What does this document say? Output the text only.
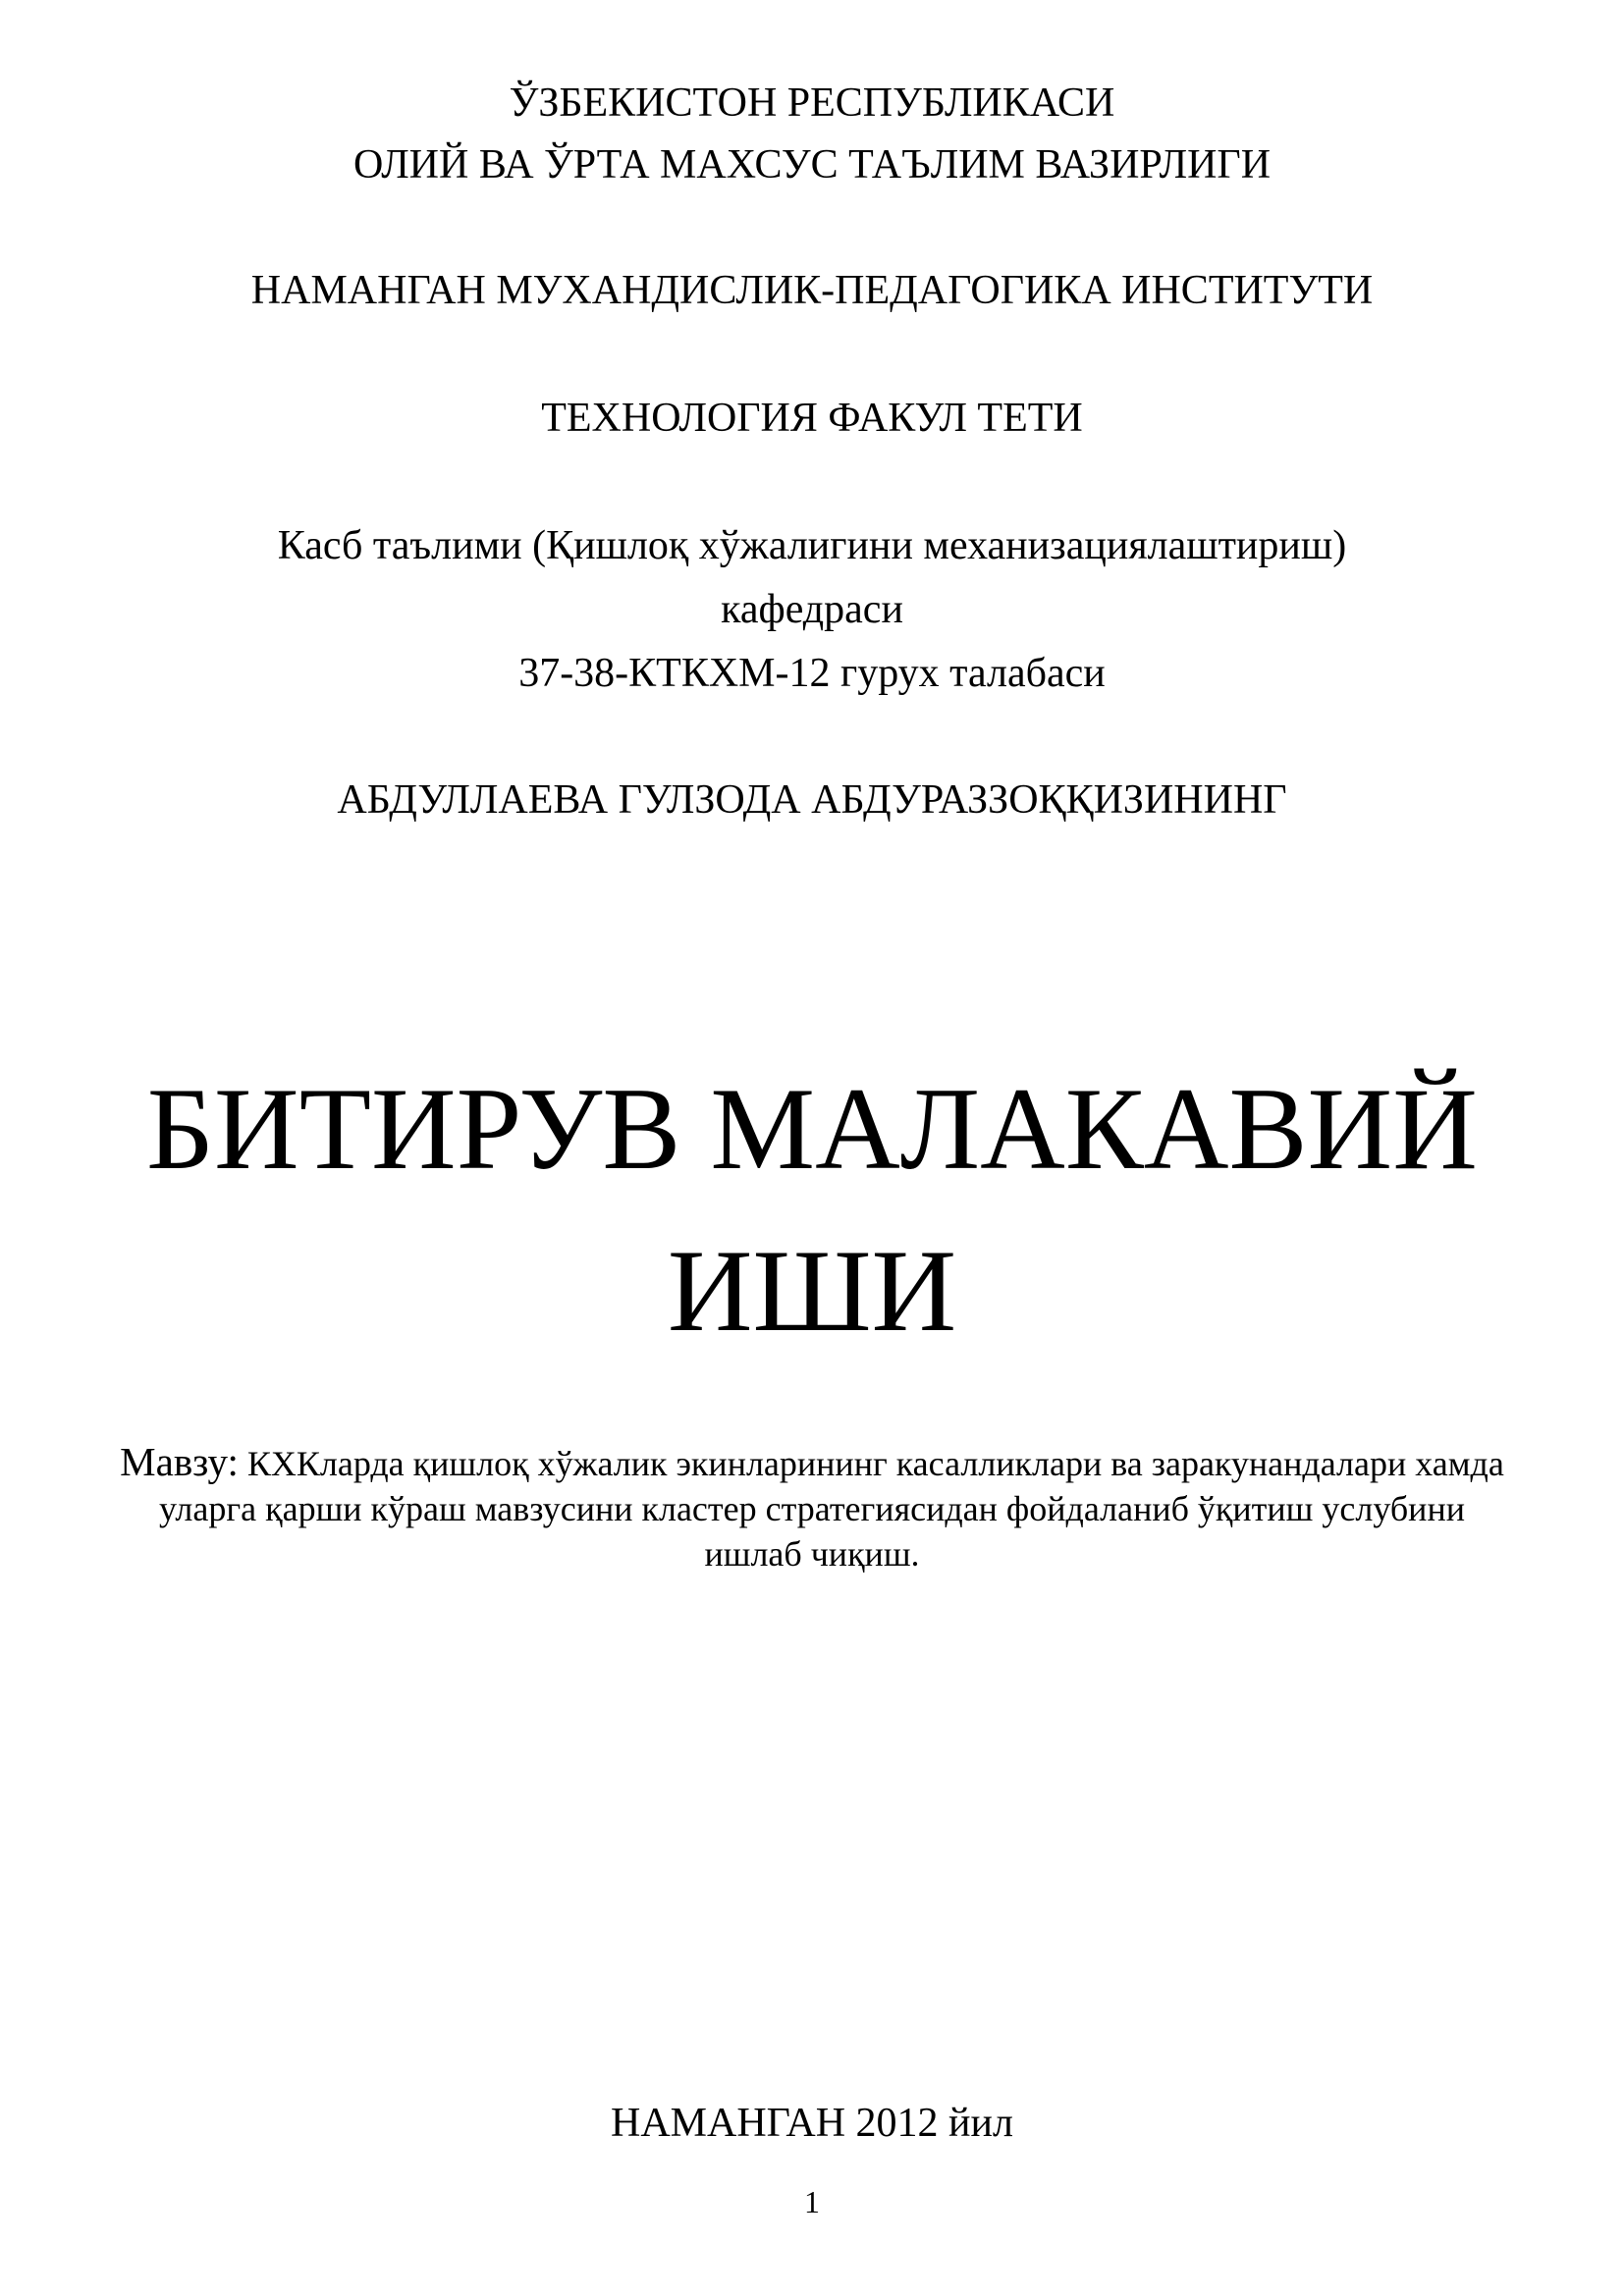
ЎЗБЕКИСТОН РЕСПУБЛИКАСИ
ОЛИЙ ВА ЎРТА МАХСУС ТАЪЛИМ ВАЗИРЛИГИ
НАМАНГАН МУХАНДИСЛИК-ПЕДАГОГИКА ИНСТИТУТИ
ТЕХНОЛОГИЯ ФАКУЛ ТЕТИ
Касб таълими (Қишлоқ хўжалигини механизациялаштириш)
кафедраси
37-38-КТКХМ-12 гурух талабаси
АБДУЛЛАЕВА ГУЛЗОДА АБДУРАЗЗОҚҚИЗИНИНГ
БИТИРУВ МАЛАКАВИЙ
ИШИ
Мавзу: КХКларда қишлоқ хўжалик экинларининг касалликлари ва заракунандалари хамда уларга қарши кўраш мавзусини кластер стратегиясидан фойдаланиб ўқитиш услубини ишлаб чиқиш.
НАМАНГАН 2012 йил
1
